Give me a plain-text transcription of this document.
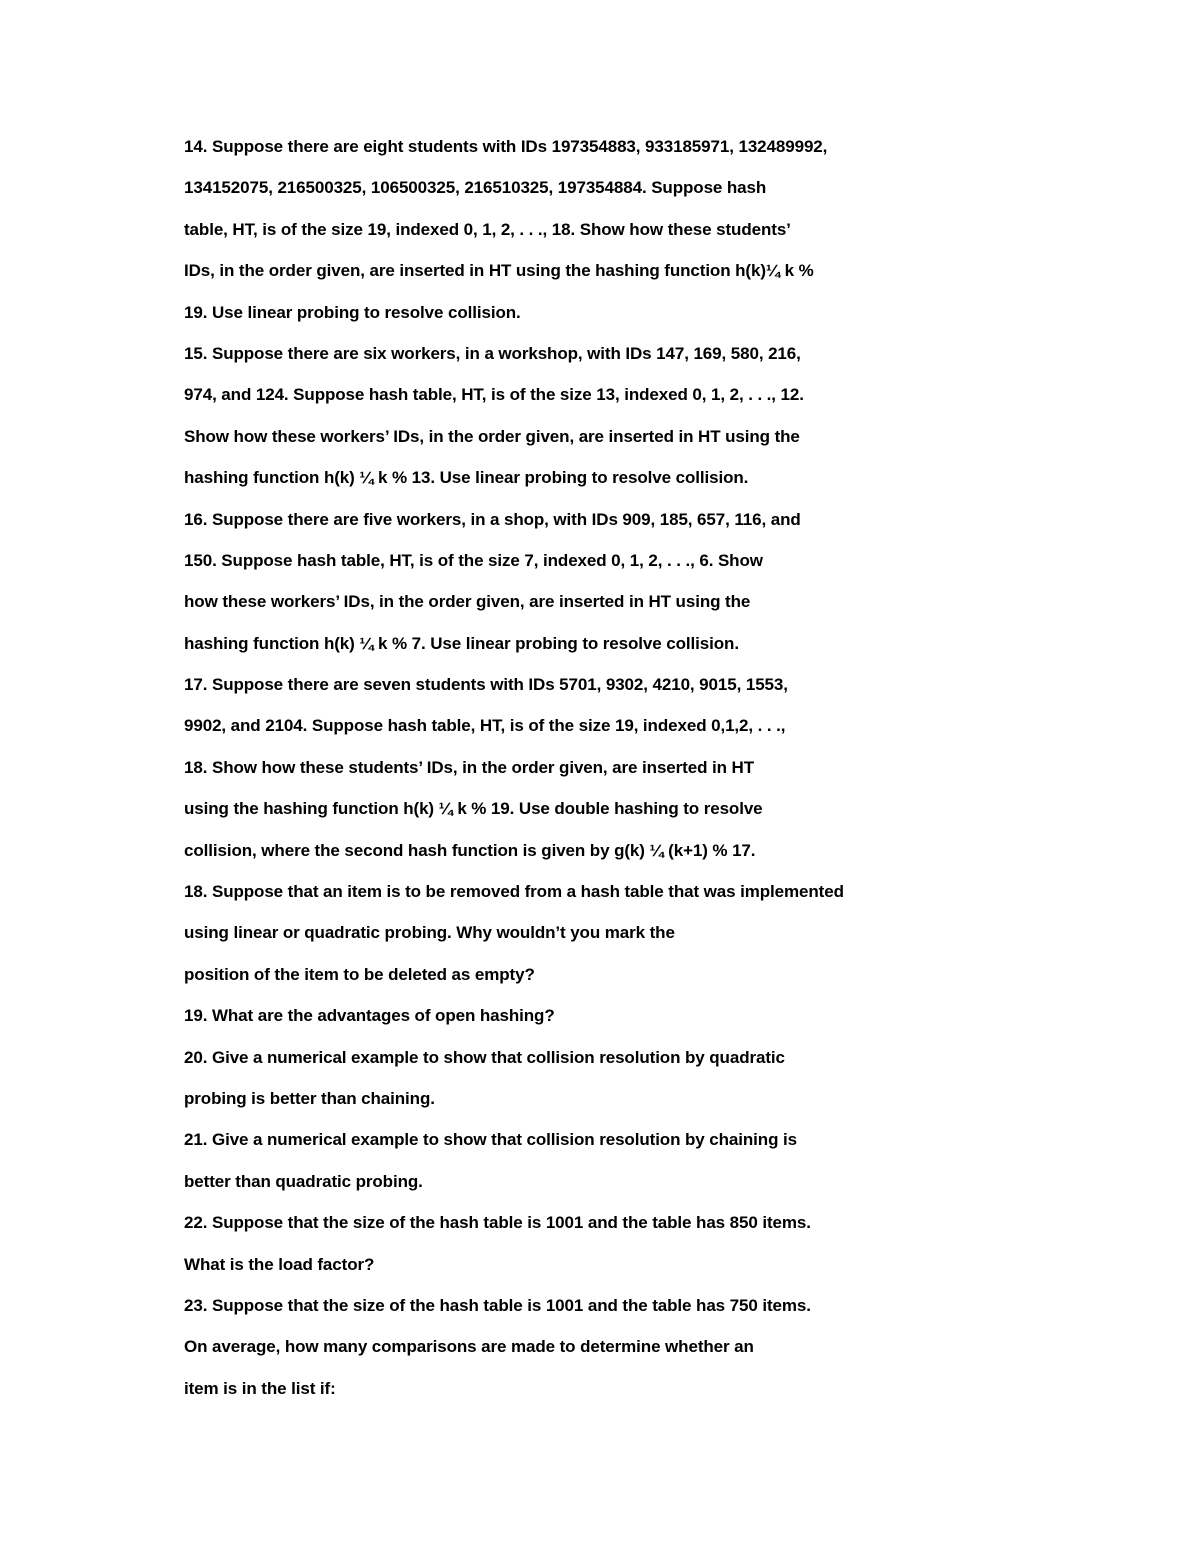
14. Suppose there are eight students with IDs 197354883, 933185971, 132489992,
134152075, 216500325, 106500325, 216510325, 197354884. Suppose hash
table, HT, is of the size 19, indexed 0, 1, 2, . . ., 18. Show how these students’
IDs, in the order given, are inserted in HT using the hashing function h(k)¼ k %
19. Use linear probing to resolve collision.
15. Suppose there are six workers, in a workshop, with IDs 147, 169, 580, 216,
974, and 124. Suppose hash table, HT, is of the size 13, indexed 0, 1, 2, . . ., 12.
Show how these workers’ IDs, in the order given, are inserted in HT using the
hashing function h(k) ¼ k % 13. Use linear probing to resolve collision.
16. Suppose there are five workers, in a shop, with IDs 909, 185, 657, 116, and
150. Suppose hash table, HT, is of the size 7, indexed 0, 1, 2, . . ., 6. Show
how these workers’ IDs, in the order given, are inserted in HT using the
hashing function h(k) ¼ k % 7. Use linear probing to resolve collision.
17. Suppose there are seven students with IDs 5701, 9302, 4210, 9015, 1553,
9902, and 2104. Suppose hash table, HT, is of the size 19, indexed 0,1,2, . . .,
18. Show how these students’ IDs, in the order given, are inserted in HT
using the hashing function h(k) ¼ k % 19. Use double hashing to resolve
collision, where the second hash function is given by g(k) ¼ (k+1) % 17.
18. Suppose that an item is to be removed from a hash table that was implemented
using linear or quadratic probing. Why wouldn’t you mark the
position of the item to be deleted as empty?
19. What are the advantages of open hashing?
20. Give a numerical example to show that collision resolution by quadratic
probing is better than chaining.
21. Give a numerical example to show that collision resolution by chaining is
better than quadratic probing.
22. Suppose that the size of the hash table is 1001 and the table has 850 items.
What is the load factor?
23. Suppose that the size of the hash table is 1001 and the table has 750 items.
On average, how many comparisons are made to determine whether an
item is in the list if:
